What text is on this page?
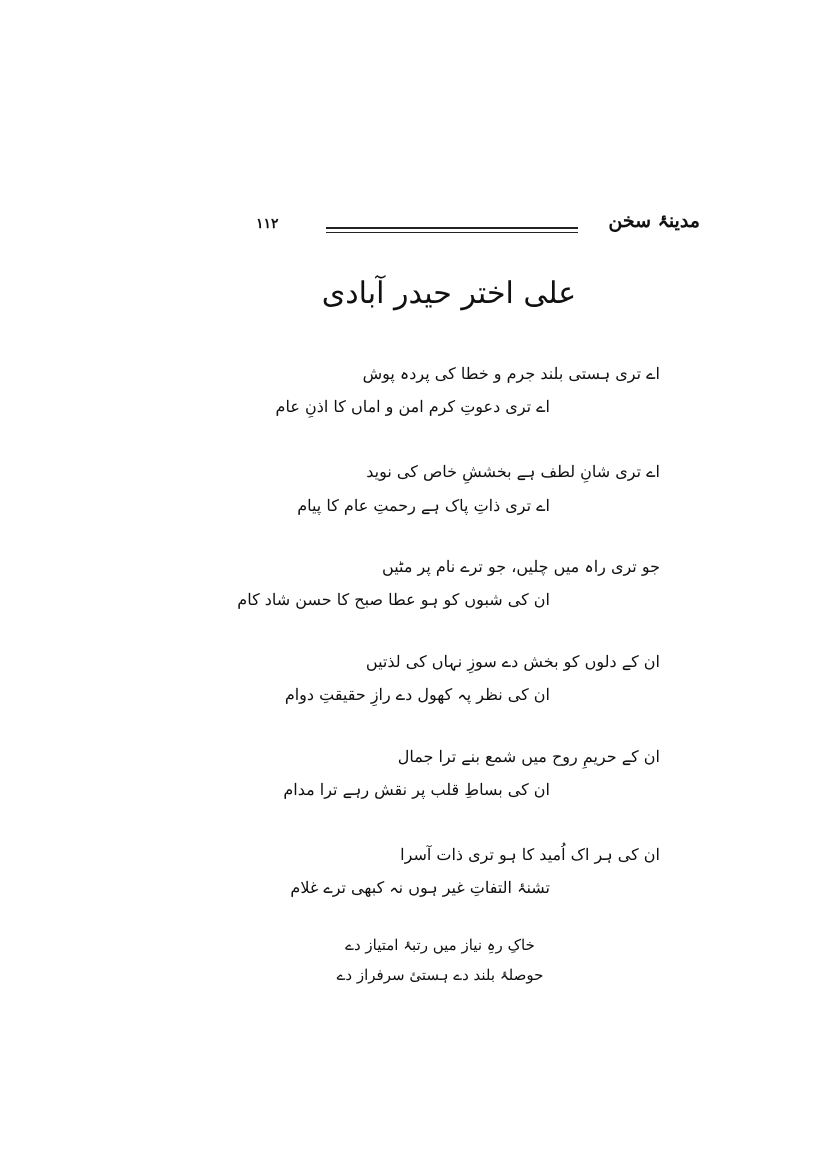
مدینۂ سخن
۱۱۲
علی اختر حیدر آبادی
اے تری ہستی بلند جرم و خطا کی پردہ پوش
اے تری دعوتِ کرم امن و اماں کا اذنِ عام
اے تری شانِ لطف ہے بخششِ خاص کی نوید
اے تری ذاتِ پاک ہے رحمتِ عام کا پیام
جو تری راہ میں چلیں، جو ترے نام پر مٹیں
ان کی شبوں کو ہو عطا صبح کا حسن شاد کام
ان کے دلوں کو بخش دے سوزِ نہاں کی لذتیں
ان کی نظر پہ کھول دے رازِ حقیقتِ دوام
ان کے حریمِ روح میں شمع بنے ترا جمال
ان کی بساطِ قلب پر نقش رہے ترا مدام
ان کی ہر اک اُمید کا ہو تری ذات آسرا
تشنۂ التفاتِ غیر ہوں نہ کبھی ترے غلام
خاکِ رہِ نیاز میں رتبۂ امتیاز دے
حوصلۂ بلند دے ہستیٔ سرفراز دے
